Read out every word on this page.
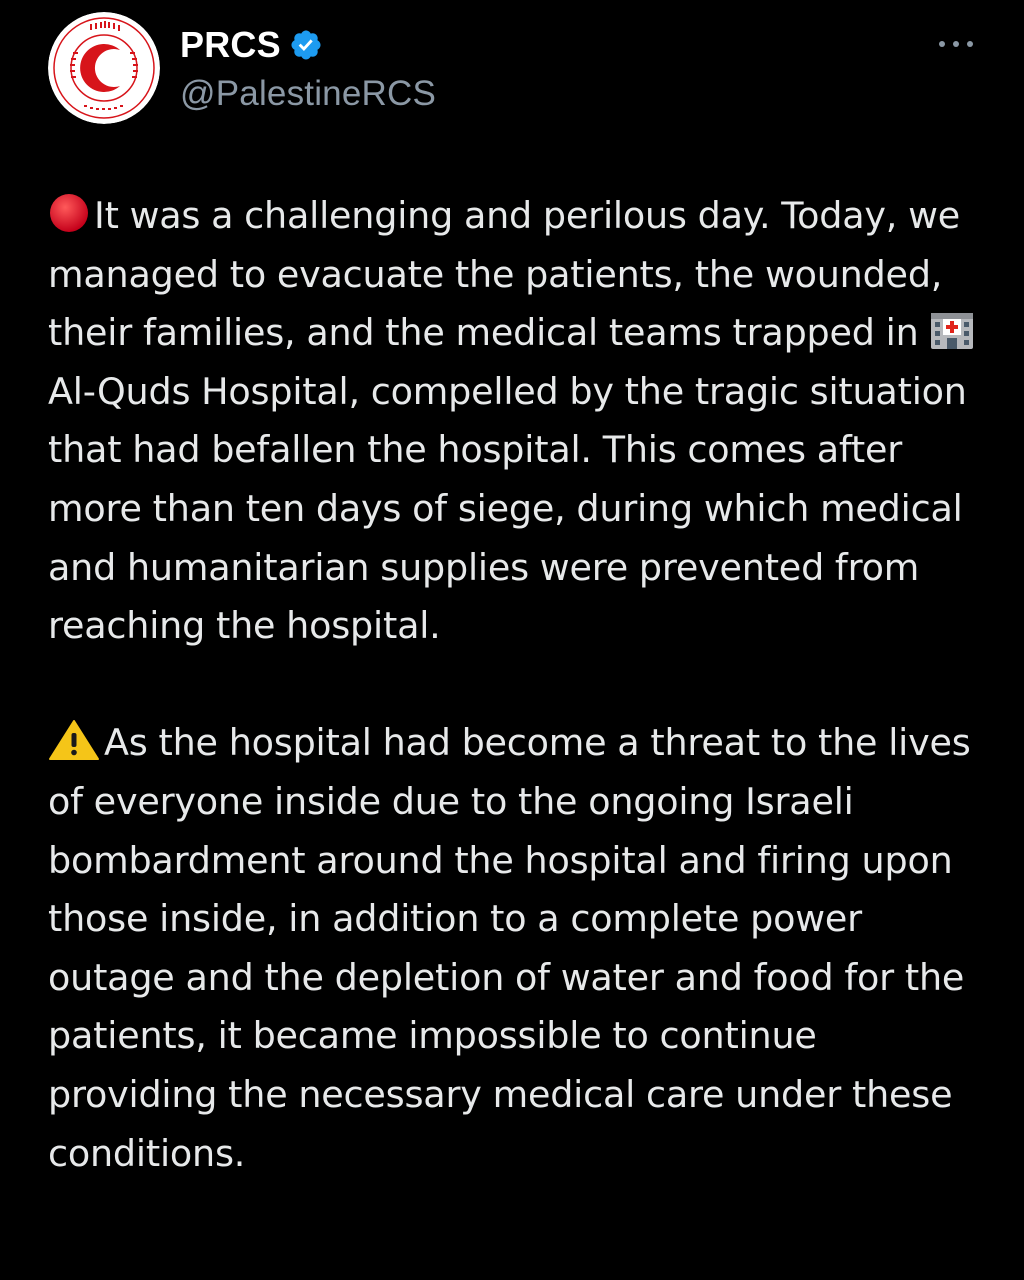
PRCS
@PalestineRCS

It was a challenging and perilous day. Today, we managed to evacuate the patients, the wounded, their families, and the medical teams trapped in Al-Quds Hospital, compelled by the tragic situation that had befallen the hospital. This comes after more than ten days of siege, during which medical and humanitarian supplies were prevented from reaching the hospital.

As the hospital had become a threat to the lives of everyone inside due to the ongoing Israeli bombardment around the hospital and firing upon those inside, in addition to a complete power outage and the depletion of water and food for the patients, it became impossible to continue providing the necessary medical care under these conditions.
